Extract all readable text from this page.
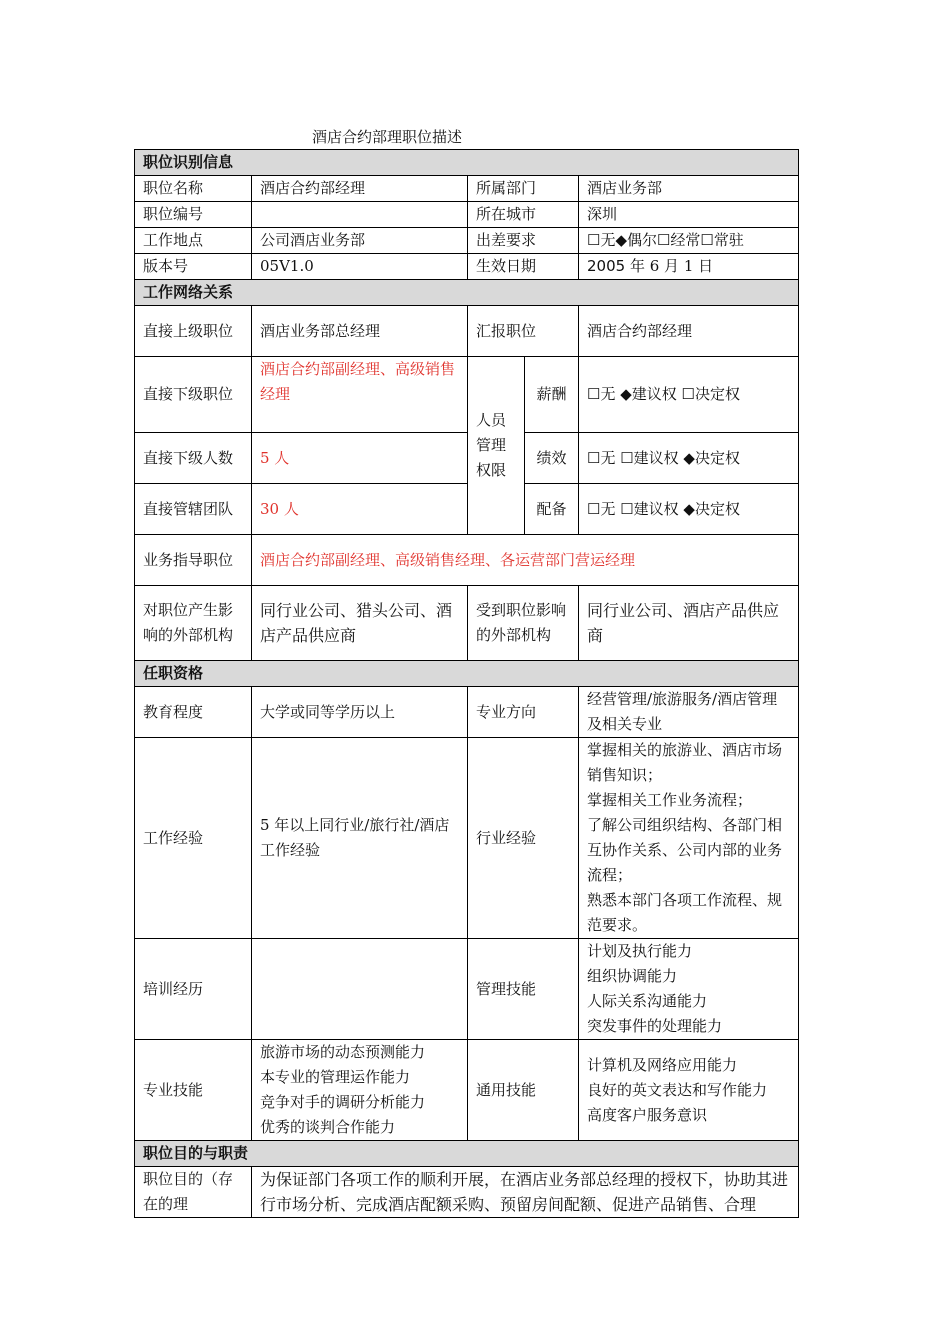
酒店合约部理职位描述
职位识别信息				
职位名称	酒店合约部经理	所属部门		酒店业务部
职位编号		所在城市		深圳
工作地点	公司酒店业务部	出差要求		☐无◆偶尔☐经常☐常驻
版本号	05V1.0	生效日期		2005 年 6 月 1 日
工作网络关系				
直接上级职位	酒店业务部总经理	汇报职位		酒店合约部经理
直接下级职位	酒店合约部副经理、高级销售经理	人员管理权限	薪酬	☐无 ◆建议权 ☐决定权
直接下级人数	5 人		绩效	☐无 ☐建议权 ◆决定权
直接管辖团队	30 人		配备	☐无 ☐建议权 ◆决定权
业务指导职位	酒店合约部副经理、高级销售经理、各运营部门营运经理			
对职位产生影响的外部机构	同行业公司、猎头公司、酒店产品供应商	受到职位影响的外部机构		同行业公司、酒店产品供应商
任职资格				
教育程度	大学或同等学历以上	专业方向		经营管理/旅游服务/酒店管理及相关专业
工作经验	5 年以上同行业/旅行社/酒店工作经验	行业经验		掌握相关的旅游业、酒店市场销售知识；
掌握相关工作业务流程；
了解公司组织结构、各部门相互协作关系、公司内部的业务流程；
熟悉本部门各项工作流程、规范要求。

培训经历		管理技能		计划及执行能力
组织协调能力
人际关系沟通能力
突发事件的处理能力

专业技能	旅游市场的动态预测能力
本专业的管理运作能力
竞争对手的调研分析能力
优秀的谈判合作能力	通用技能		计算机及网络应用能力
良好的英文表达和写作能力
高度客户服务意识

职位目的与职责				
职位目的（存在的理	为保证部门各项工作的顺利开展，在酒店业务部总经理的授权下，协助其进行市场分析、完成酒店配额采购、预留房间配额、促进产品销售、合理			
